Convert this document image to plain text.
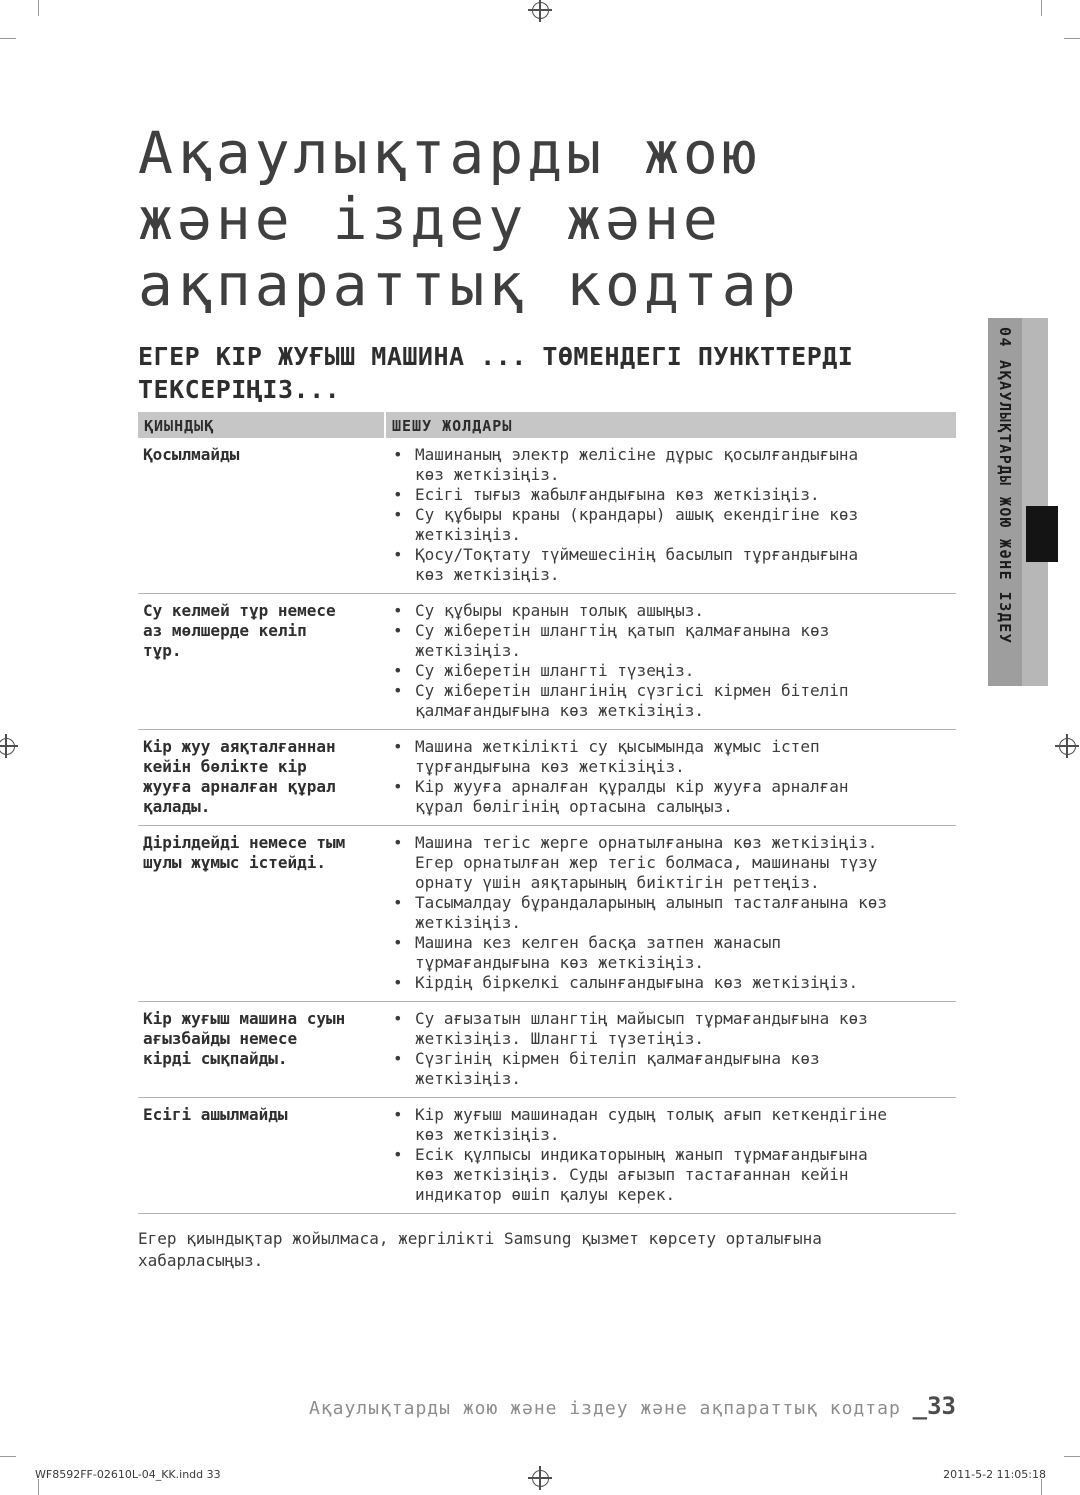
04АҚАУЛЫҚТАРДЫ ЖОЮ ЖӘНЕ ІЗДЕУ
Ақаулықтарды жою
және іздеу және
ақпараттық кодтар
ЕГЕР КІР ЖУҒЫШ МАШИНА ... ТӨМЕНДЕГІ ПУНКТТЕРДІ
ТЕКСЕРІҢІЗ...
ҚИЫНДЫҚ	ШЕШУ ЖОЛДАРЫ
Қосылмайды	• Машинаның электр желісіне дұрыс қосылғандығына көз жеткізіңіз.
• Есігі тығыз жабылғандығына көз жеткізіңіз.
• Су құбыры краны (крандары) ашық екендігіне көз жеткізіңіз.
• Қосу/Тоқтату түймешесінің басылып тұрғандығына көз жеткізіңіз.
Су келмей тұр немесе аз мөлшерде келіп тұр.
• Су құбыры кранын толық ашыңыз.
• Су жіберетін шлангтің қатып қалмағанына көз жеткізіңіз.
• Су жіберетін шлангті түзеңіз.
• Су жіберетін шлангінің сүзгісі кірмен бітеліп қалмағандығына көз жеткізіңіз.
Кір жуу аяқталғаннан кейін бөлікте кір жууға арналған құрал қалады.
• Машина жеткілікті су қысымында жұмыс істеп тұрғандығына көз жеткізіңіз.
• Кір жууға арналған құралды кір жууға арналған құрал бөлігінің ортасына салыңыз.
Дірілдейді немесе тым шулы жұмыс істейді.
• Машина тегіс жерге орнатылғанына көз жеткізіңіз. Егер орнатылған жер тегіс болмаса, машинаны түзу орнату үшін аяқтарының биіктігін реттеңіз.
• Тасымалдау бұрандаларының алынып тасталғанына көз жеткізіңіз.
• Машина кез келген басқа затпен жанасып тұрмағандығына көз жеткізіңіз.
• Кірдің біркелкі салынғандығына көз жеткізіңіз.
Кір жуғыш машина суын ағызбайды немесе кірді сықпайды.
• Су ағызатын шлангтің майысып тұрмағандығына көз жеткізіңіз. Шлангті түзетіңіз.
• Сүзгінің кірмен бітеліп қалмағандығына көз жеткізіңіз.
Есігі ашылмайды	• Кір жуғыш машинадан судың толық ағып кеткендігіне көз жеткізіңіз.
• Есік құлпысы индикаторының жанып тұрмағандығына көз жеткізіңіз. Суды ағызып тастағаннан кейін индикатор өшіп қалуы керек.

Егер қиындықтар жойылмаса, жергілікті Samsung қызмет көрсету орталығына хабарласыңыз.

Ақаулықтарды жою және іздеу және ақпараттық кодтар _33
WF8592FF-02610L-04_KK.indd 33	2011-5-2 11:05:18
